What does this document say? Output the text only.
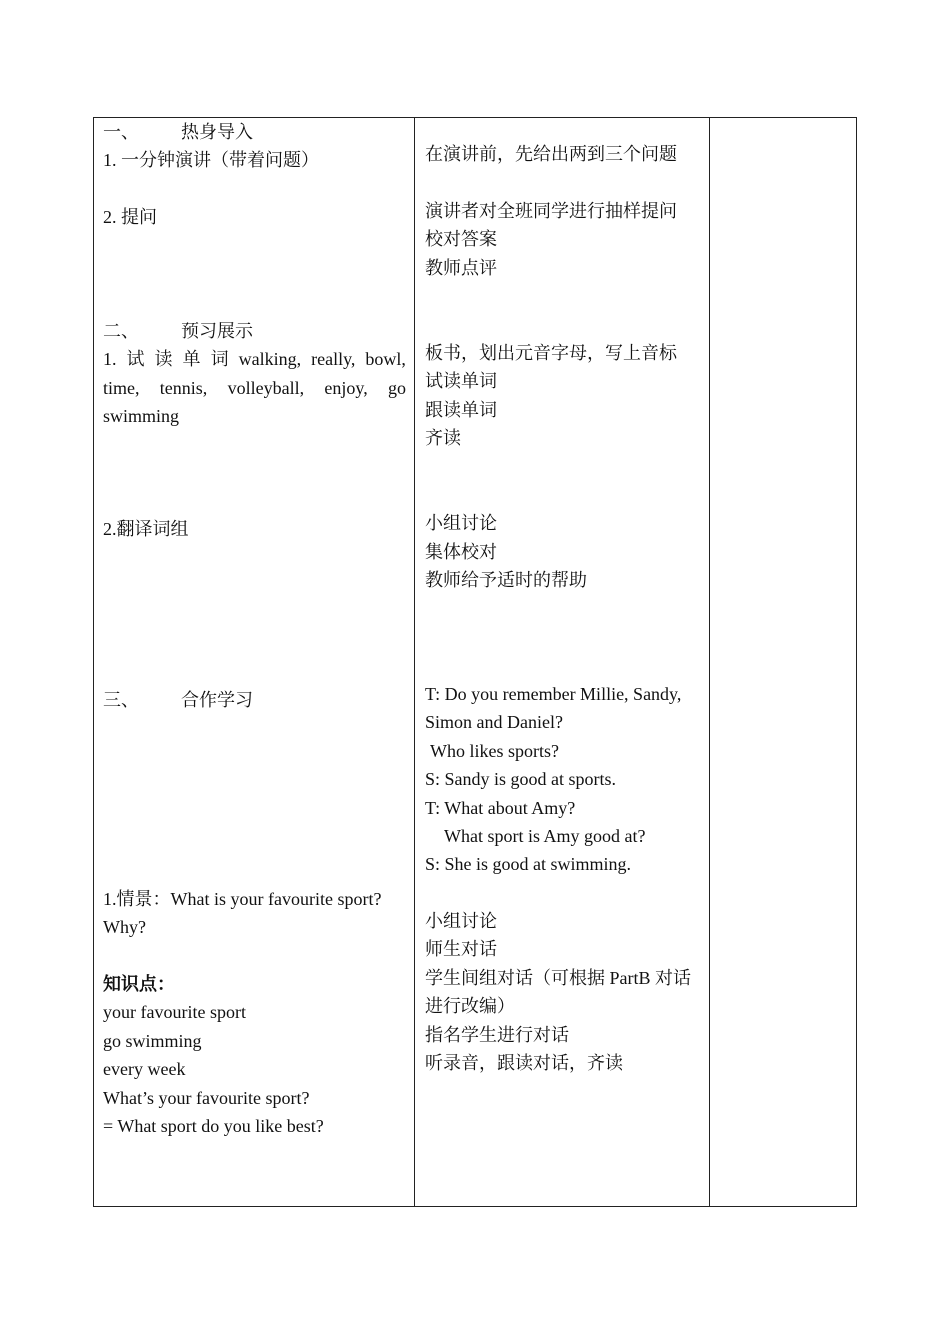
一、 热身导入
1. 一分钟演讲（带着问题）
2. 提问
二、 预习展示
1. 试 读 单 词 walking, really, bowl,
time, tennis, volleyball, enjoy, go
swimming
2.翻译词组
三、 合作学习
1.情景：What is your favourite sport?
Why?
知识点：
your favourite sport
go swimming
every week
What’s your favourite sport?
= What sport do you like best?
在演讲前，先给出两到三个问题
演讲者对全班同学进行抽样提问
校对答案
教师点评
板书，划出元音字母，写上音标
试读单词
跟读单词
齐读
小组讨论
集体校对
教师给予适时的帮助
T: Do you remember Millie, Sandy,
Simon and Daniel?
Who likes sports?
S: Sandy is good at sports.
T: What about Amy?
What sport is Amy good at?
S: She is good at swimming.
小组讨论
师生对话
学生间组对话（可根据 PartB 对话
进行改编）
指名学生进行对话
听录音，跟读对话，齐读
